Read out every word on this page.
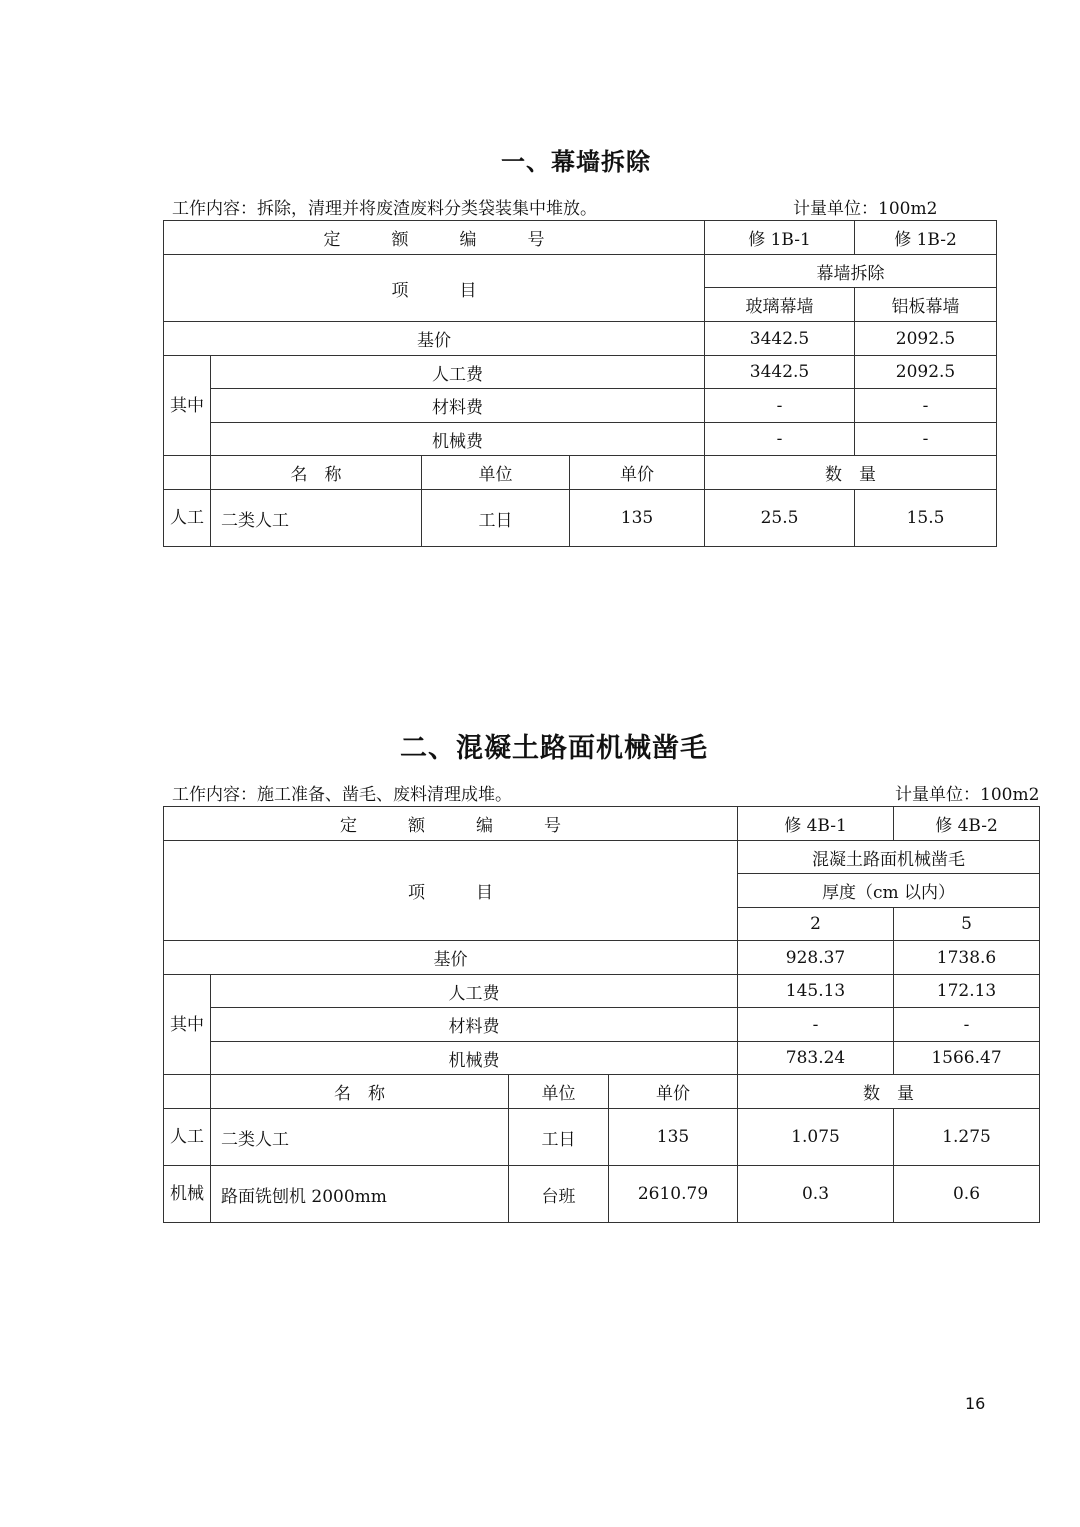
一、幕墙拆除
工作内容：拆除，清理并将废渣废料分类袋装集中堆放。	计量单位：100m2
定　　　额　　　编　　　号				修 1B-1	修 1B-2
项　　　目				幕墙拆除	
				玻璃幕墙	铝板幕墙
基价				3442.5	2092.5
其中	人工费			3442.5	2092.5
	材料费			-	-
	机械费			-	-
	名　称	单位	单价	数　量	
人工	二类人工	工日	135	25.5	15.5
二、混凝土路面机械凿毛
工作内容：施工准备、凿毛、废料清理成堆。	计量单位：100m2
定　　　额　　　编　　　号				修 4B-1	修 4B-2
项　　　目				混凝土路面机械凿毛	
				厚度（cm 以内）	
				2	5
基价				928.37	1738.6
其中	人工费			145.13	172.13
	材料费			-	-
	机械费			783.24	1566.47
	名　称	单位	单价	数　量	
人工	二类人工	工日	135	1.075	1.275
机械	路面铣刨机 2000mm	台班	2610.79	0.3	0.6
16
